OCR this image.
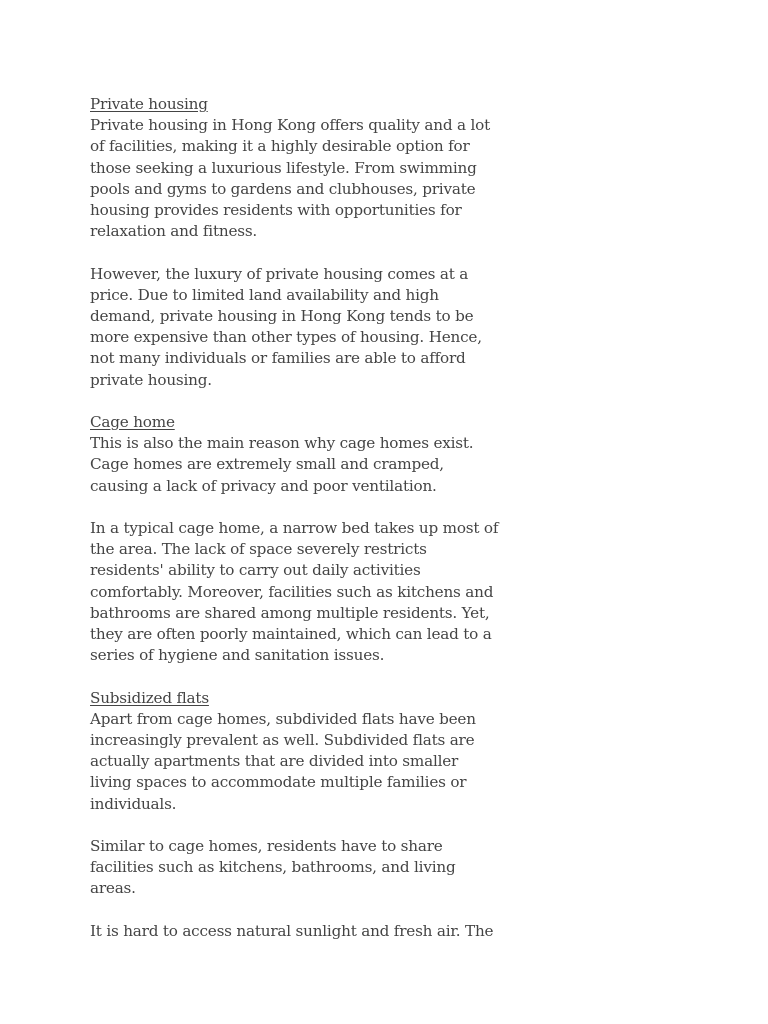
Private housing

Private housing in Hong Kong offers quality and a lot of facilities, making it a highly desirable option for those seeking a luxurious lifestyle. From swimming pools and gyms to gardens and clubhouses, private housing provides residents with opportunities for relaxation and fitness.

However, the luxury of private housing comes at a price. Due to limited land availability and high demand, private housing in Hong Kong tends to be more expensive than other types of housing. Hence, not many individuals or families are able to afford private housing.

Cage home

This is also the main reason why cage homes exist. Cage homes are extremely small and cramped, causing a lack of privacy and poor ventilation.

In a typical cage home, a narrow bed takes up most of the area. The lack of space severely restricts residents' ability to carry out daily activities comfortably. Moreover, facilities such as kitchens and bathrooms are shared among multiple residents. Yet, they are often poorly maintained, which can lead to a series of hygiene and sanitation issues.

Subsidized flats

Apart from cage homes, subdivided flats have been increasingly prevalent as well. Subdivided flats are actually apartments that are divided into smaller living spaces to accommodate multiple families or individuals.

Similar to cage homes, residents have to share facilities such as kitchens, bathrooms, and living areas.

It is hard to access natural sunlight and fresh air. The
